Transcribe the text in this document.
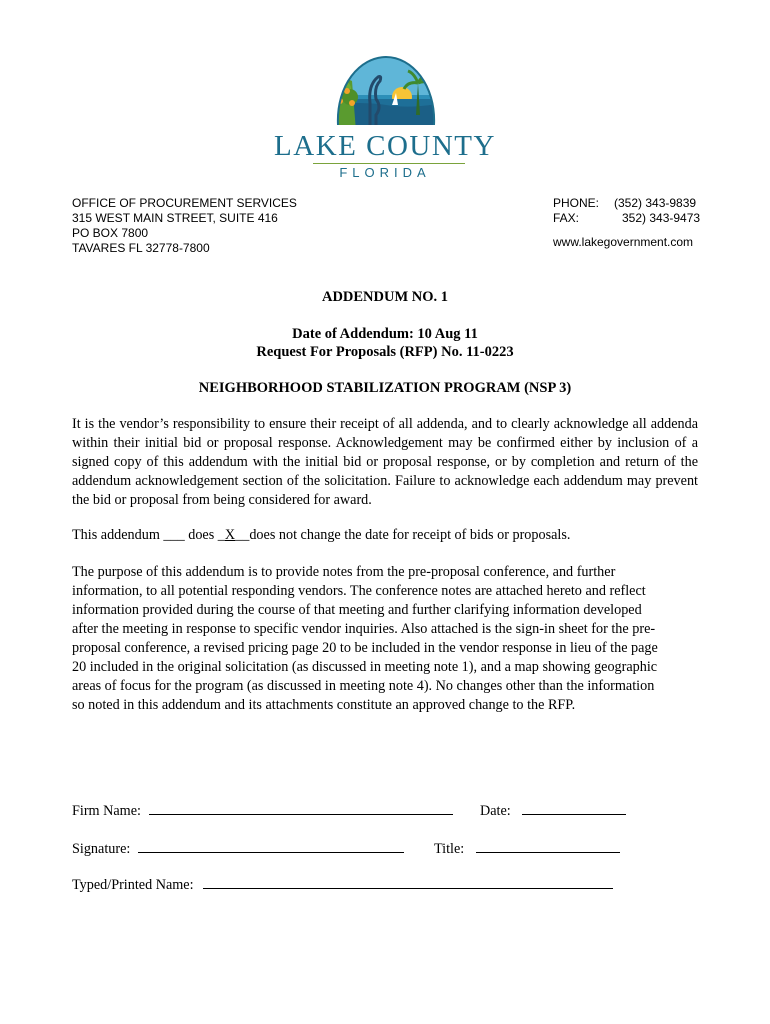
LAKE COUNTY
FLORIDA
OFFICE OF PROCUREMENT SERVICES
315 WEST MAIN STREET, SUITE 416
PO BOX 7800
TAVARES FL 32778-7800
PHONE:	(352) 343-9839
FAX:	352) 343-9473
www.lakegovernment.com
ADDENDUM NO. 1
Date of Addendum: 10 Aug 11
Request For Proposals (RFP) No. 11-0223
NEIGHBORHOOD STABILIZATION PROGRAM (NSP 3)
It is the vendor’s responsibility to ensure their receipt of all addenda, and to clearly acknowledge all addenda within their initial bid or proposal response. Acknowledgement may be confirmed either by inclusion of a signed copy of this addendum with the initial bid or proposal response, or by completion and return of the addendum acknowledgement section of the solicitation. Failure to acknowledge each addendum may prevent the bid or proposal from being considered for award.
This addendum ___ does _X__does not change the date for receipt of bids or proposals.
The purpose of this addendum is to provide notes from the pre-proposal conference, and further
information, to all potential responding vendors. The conference notes are attached hereto and reflect
information provided during the course of that meeting and further clarifying information developed
after the meeting in response to specific vendor inquiries. Also attached is the sign-in sheet for the pre-
proposal conference, a revised pricing page 20 to be included in the vendor response in lieu of the page
20 included in the original solicitation (as discussed in meeting note 1), and a map showing geographic
areas of focus for the program (as discussed in meeting note 4). No changes other than the information
so noted in this addendum and its attachments constitute an approved change to the RFP.
Firm Name:	Date:
Signature:	Title:
Typed/Printed Name:
